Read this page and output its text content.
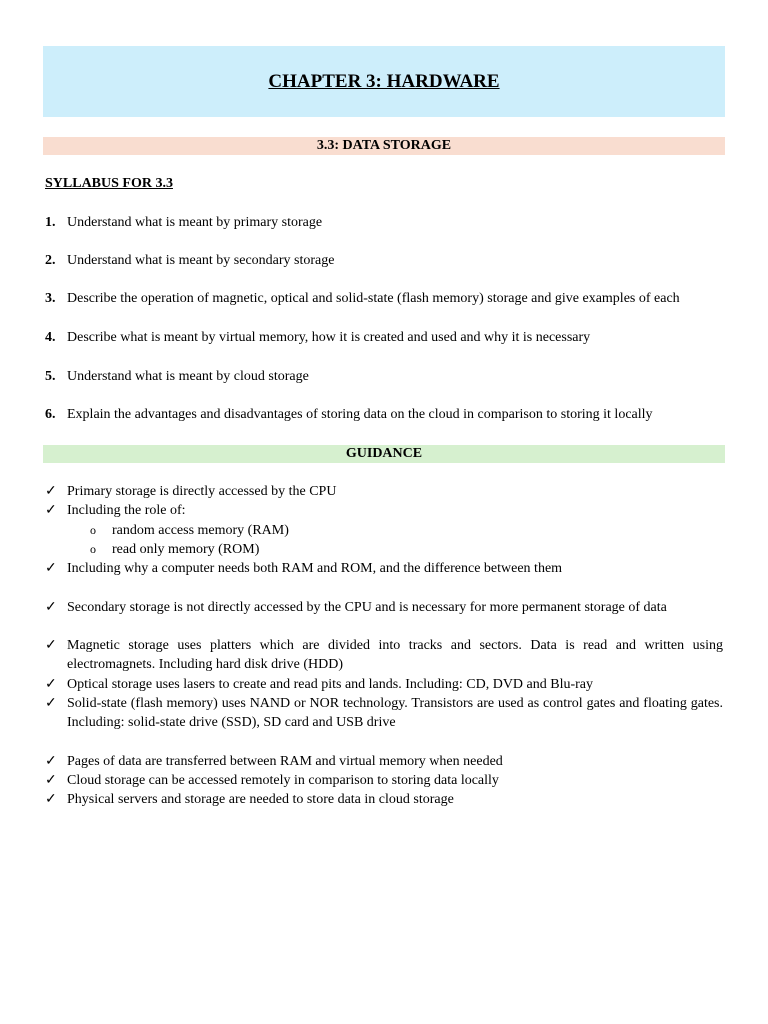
CHAPTER 3: HARDWARE
3.3: DATA STORAGE
SYLLABUS FOR 3.3
1. Understand what is meant by primary storage
2. Understand what is meant by secondary storage
3. Describe the operation of magnetic, optical and solid-state (flash memory) storage and give examples of each
4. Describe what is meant by virtual memory, how it is created and used and why it is necessary
5. Understand what is meant by cloud storage
6. Explain the advantages and disadvantages of storing data on the cloud in comparison to storing it locally
GUIDANCE
✓ Primary storage is directly accessed by the CPU
✓ Including the role of:
o random access memory (RAM)
o read only memory (ROM)
✓ Including why a computer needs both RAM and ROM, and the difference between them
✓ Secondary storage is not directly accessed by the CPU and is necessary for more permanent storage of data
✓ Magnetic storage uses platters which are divided into tracks and sectors. Data is read and written using electromagnets. Including hard disk drive (HDD)
✓ Optical storage uses lasers to create and read pits and lands. Including: CD, DVD and Blu-ray
✓ Solid-state (flash memory) uses NAND or NOR technology. Transistors are used as control gates and floating gates. Including: solid-state drive (SSD), SD card and USB drive
✓ Pages of data are transferred between RAM and virtual memory when needed
✓ Cloud storage can be accessed remotely in comparison to storing data locally
✓ Physical servers and storage are needed to store data in cloud storage
